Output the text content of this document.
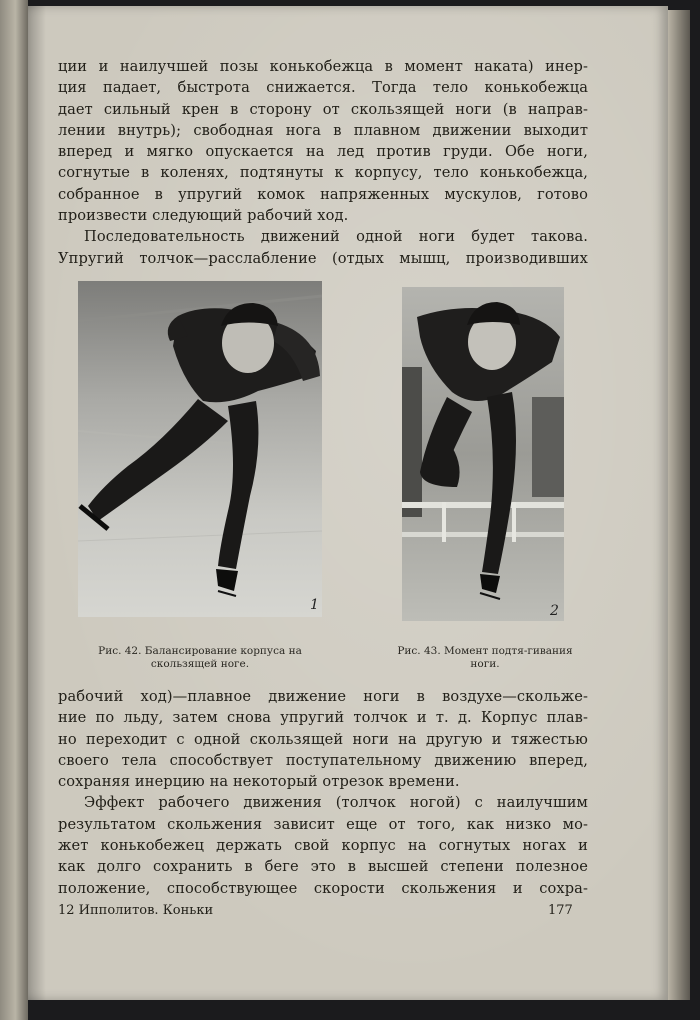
ции и наилучшей позы конькобежца в момент наката) инер-

ция падает, быстрота снижается. Тогда тело конькобежца

дает сильный крен в сторону от скользящей ноги (в направ-

лении внутрь); свободная нога в плавном движении выходит

вперед и мягко опускается на лед против груди. Обе ноги,

согнутые в коленях, подтянуты к корпусу, тело конькобежца,

собранное в упругий комок напряженных мускулов, готово

произвести следующий рабочий ход.

Последовательность движений одной ноги будет такова.

Упругий толчок—расслабление (отдых мышц, производивших

1	2
Рис. 42. Балансирование корпуса на скользящей ноге.
Рис. 43. Момент подтя-гивания ноги.

рабочий ход)—плавное движение ноги в воздухе—скольже-

ние по льду, затем снова упругий толчок и т. д. Корпус плав-

но переходит с одной скользящей ноги на другую и тяжестью

своего тела способствует поступательному движению вперед,

сохраняя инерцию на некоторый отрезок времени.

Эффект рабочего движения (толчок ногой) с наилучшим

результатом скольжения зависит еще от того, как низко мо-

жет конькобежец держать свой корпус на согнутых ногах и

как долго сохранить в беге это в высшей степени полезное

положение, способствующее скорости скольжения и сохра-

12 Ипполитов. Коньки	177
